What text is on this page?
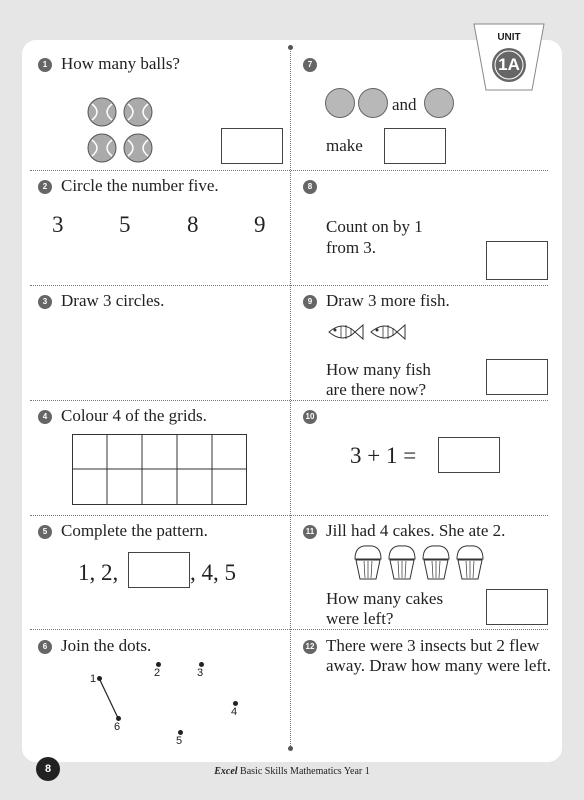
UNIT
1A
1 How many balls?	7
and
make
2 Circle the number five.
3 5 8 9
8
Count on by 1
from 3.
3 Draw 3 circles.	9 Draw 3 more fish.
How many fish
are there now?
4 Colour 4 of the grids.	10
3 + 1 =
5 Complete the pattern.
1, 2,	, 4, 5
11 Jill had 4 cakes. She ate 2.
How many cakes
were left?
6 Join the dots.
1	2	3
4
5
6
12 There were 3 insects but 2 flew
away. Draw how many were left.
8	Excel Basic Skills Mathematics Year 1
